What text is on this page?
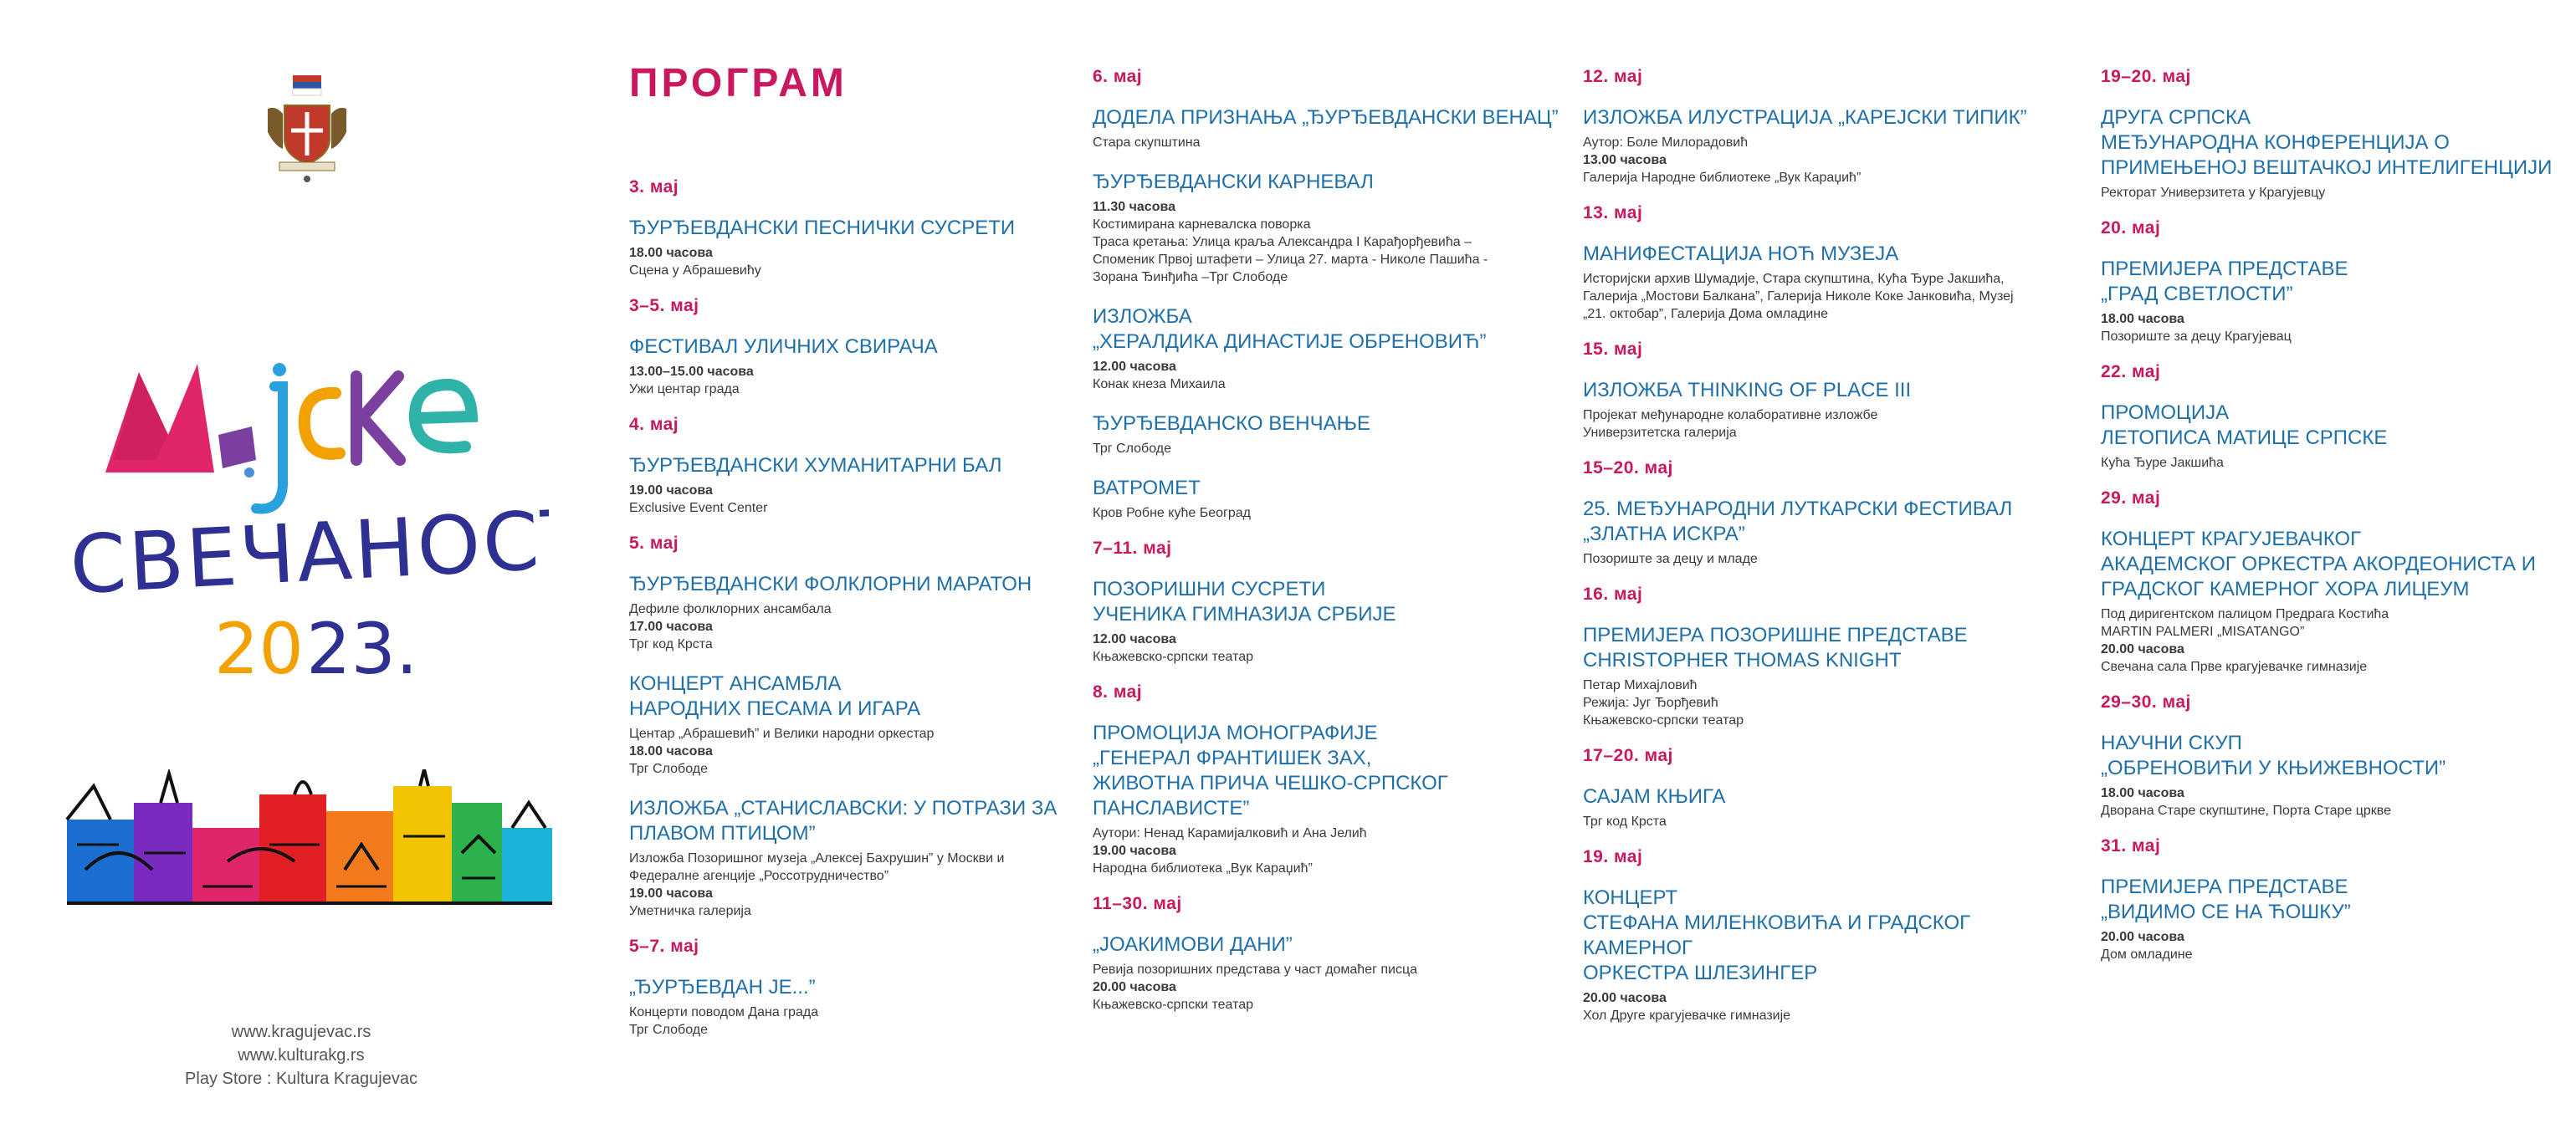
СВЕЧАНОСТИ
20 23.
www.kragujevac.rs
www.kulturakg.rs
Play Store : Kultura Kragujevac
ПРОГРАМ
3. мај
ЂУРЂЕВДАНСКИ ПЕСНИЧКИ СУСРЕТИ
18.00 часова
Сцена у Абрашевићу
3–5. мај
ФЕСТИВАЛ УЛИЧНИХ СВИРАЧА
13.00–15.00 часова
Ужи центар града
4. мај
ЂУРЂЕВДАНСКИ ХУМАНИТАРНИ БАЛ
19.00 часова
Exclusive Event Center
5. мај
ЂУРЂЕВДАНСКИ ФОЛКЛОРНИ МАРАТОН
Дефиле фолклорних ансамбала
17.00 часова
Трг код Крста
КОНЦЕРТ АНСАМБЛА
НАРОДНИХ ПЕСАМА И ИГАРА
Центар „Абрашевић” и Велики народни оркестар
18.00 часова
Трг Слободе
ИЗЛОЖБА „СТАНИСЛАВСКИ: У ПОТРАЗИ ЗА
ПЛАВОМ ПТИЦОМ”
Изложба Позоришног музеја „Алексеј Бахрушин” у Москви и
Федералне агенције „Россотрудничество”
19.00 часова
Уметничка галерија
5–7. мај
„ЂУРЂЕВДАН ЈЕ...”
Концерти поводом Дана града
Трг Слободе
6. мај
ДОДЕЛА ПРИЗНАЊА „ЂУРЂЕВДАНСКИ ВЕНАЦ”
Стара скупштина
ЂУРЂЕВДАНСКИ КАРНЕВАЛ
11.30 часова
Костимирана карневалска поворка
Траса кретања: Улица краља Александра I Карађорђевића –
Споменик Првој штафети – Улица 27. марта - Николе Пашића -
Зорана Ђинђића –Трг Слободе
ИЗЛОЖБА
„ХЕРАЛДИКА ДИНАСТИЈЕ ОБРЕНОВИЋ”
12.00 часова
Конак кнеза Михаила
ЂУРЂЕВДАНСКО ВЕНЧАЊЕ
Трг Слободе
ВАТРОМЕТ
Кров Робне куће Београд
7–11. мај
ПОЗОРИШНИ СУСРЕТИ
УЧЕНИКА ГИМНАЗИЈА СРБИЈЕ
12.00 часова
Књажевско-српски театар
8. мај
ПРОМОЦИЈА МОНОГРАФИЈЕ
„ГЕНЕРАЛ ФРАНТИШЕК ЗАХ,
ЖИВОТНА ПРИЧА ЧЕШКО-СРПСКОГ
ПАНСЛАВИСТЕ”
Аутори: Ненад Карамијалковић и Ана Јелић
19.00 часова
Народна библиотека „Вук Караџић”
11–30. мај
„ЈОАКИМОВИ ДАНИ”
Ревија позоришних представа у част домаћег писца
20.00 часова
Књажевско-српски театар
12. мај
ИЗЛОЖБА ИЛУСТРАЦИЈА „КАРЕЈСКИ ТИПИК”
Аутор: Боле Милорадовић
13.00 часова
Галерија Народне библиотеке „Вук Караџић”
13. мај
МАНИФЕСТАЦИЈА НОЋ МУЗЕЈА
Историјски архив Шумадије, Стара скупштина, Кућа Ђуре Јакшића,
Галерија „Мостови Балкана”, Галерија Николе Коке Јанковића, Музеј
„21. октобар”, Галерија Дома омладине
15. мај
ИЗЛОЖБА THINKING OF PLACE III
Пројекат међународне колаборативне изложбе
Универзитетска галерија
15–20. мај
25. МЕЂУНАРОДНИ ЛУТКАРСКИ ФЕСТИВАЛ
„ЗЛАТНА ИСКРА”
Позориште за децу и младе
16. мај
ПРЕМИЈЕРА ПОЗОРИШНЕ ПРЕДСТАВЕ
CHRISTOPHER THOMAS KNIGHT
Петар Михајловић
Режија: Југ Ђорђевић
Књажевско-српски театар
17–20. мај
САЈАМ КЊИГА
Трг код Крста
19. мај
КОНЦЕРТ
СТЕФАНА МИЛЕНКОВИЋА И ГРАДСКОГ КАМЕРНОГ
ОРКЕСТРА ШЛЕЗИНГЕР
20.00 часова
Хол Друге крагујевачке гимназије
19–20. мај
ДРУГА СРПСКА
МЕЂУНАРОДНА КОНФЕРЕНЦИЈА О
ПРИМЕЊЕНОЈ ВЕШТАЧКОЈ ИНТЕЛИГЕНЦИЈИ
Ректорат Универзитета у Крагујевцу
20. мај
ПРЕМИЈЕРА ПРЕДСТАВЕ
„ГРАД СВЕТЛОСТИ”
18.00 часова
Позориште за децу Крагујевац
22. мај
ПРОМОЦИЈА
ЛЕТОПИСА МАТИЦЕ СРПСКЕ
Кућа Ђуре Јакшића
29. мај
КОНЦЕРТ КРАГУЈЕВАЧКОГ
АКАДЕМСКОГ ОРКЕСТРА АКОРДЕОНИСТА И
ГРАДСКОГ КАМЕРНОГ ХОРА ЛИЦЕУМ
Под диригентском палицом Предрага Костића
MARTIN PALMERI „MISATANGO”
20.00 часова
Свечана сала Прве крагујевачке гимназије
29–30. мај
НАУЧНИ СКУП
„ОБРЕНОВИЋИ У КЊИЖЕВНОСТИ”
18.00 часова
Дворана Старе скупштине, Порта Старе цркве
31. мај
ПРЕМИЈЕРА ПРЕДСТАВЕ
„ВИДИМО СЕ НА ЋОШКУ”
20.00 часова
Дом омладине
